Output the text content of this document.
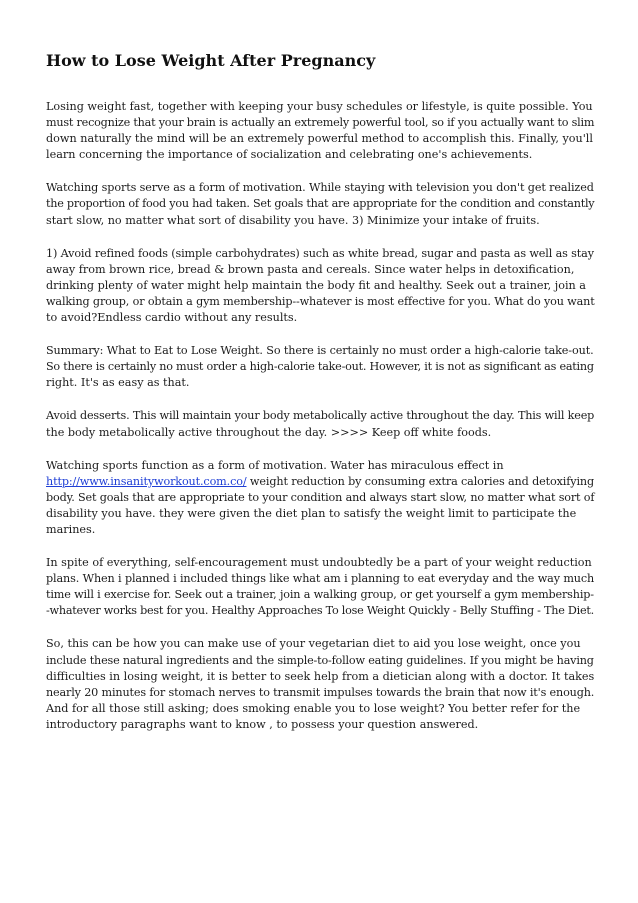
How to Lose Weight After Pregnancy

Losing weight fast, together with keeping your busy schedules or lifestyle, is quite possible. You
must recognize that your brain is actually an extremely powerful tool, so if you actually want to slim
down naturally the mind will be an extremely powerful method to accomplish this. Finally, you'll
learn concerning the importance of socialization and celebrating one's achievements.

Watching sports serve as a form of motivation. While staying with television you don't get realized
the proportion of food you had taken. Set goals that are appropriate for the condition and constantly
start slow, no matter what sort of disability you have. 3) Minimize your intake of fruits.

1) Avoid refined foods (simple carbohydrates) such as white bread, sugar and pasta as well as stay
away from brown rice, bread & brown pasta and cereals. Since water helps in detoxification,
drinking plenty of water might help maintain the body fit and healthy. Seek out a trainer, join a
walking group, or obtain a gym membership--whatever is most effective for you. What do you want
to avoid?Endless cardio without any results.

Summary: What to Eat to Lose Weight. So there is certainly no must order a high-calorie take-out.
So there is certainly no must order a high-calorie take-out. However, it is not as significant as eating
right. It's as easy as that.

Avoid desserts. This will maintain your body metabolically active throughout the day. This will keep
the body metabolically active throughout the day. >>>> Keep off white foods.

Watching sports function as a form of motivation. Water has miraculous effect in
http://www.insanityworkout.com.co/ weight reduction by consuming extra calories and detoxifying
body. Set goals that are appropriate to your condition and always start slow, no matter what sort of
disability you have. they were given the diet plan to satisfy the weight limit to participate the
marines.

In spite of everything, self-encouragement must undoubtedly be a part of your weight reduction
plans. When i planned i included things like what am i planning to eat everyday and the way much
time will i exercise for. Seek out a trainer, join a walking group, or get yourself a gym membership-
-whatever works best for you. Healthy Approaches To lose Weight Quickly - Belly Stuffing - The Diet.

So, this can be how you can make use of your vegetarian diet to aid you lose weight, once you
include these natural ingredients and the simple-to-follow eating guidelines. If you might be having
difficulties in losing weight, it is better to seek help from a dietician along with a doctor. It takes
nearly 20 minutes for stomach nerves to transmit impulses towards the brain that now it's enough.
And for all those still asking; does smoking enable you to lose weight? You better refer for the
introductory paragraphs want to know , to possess your question answered.
